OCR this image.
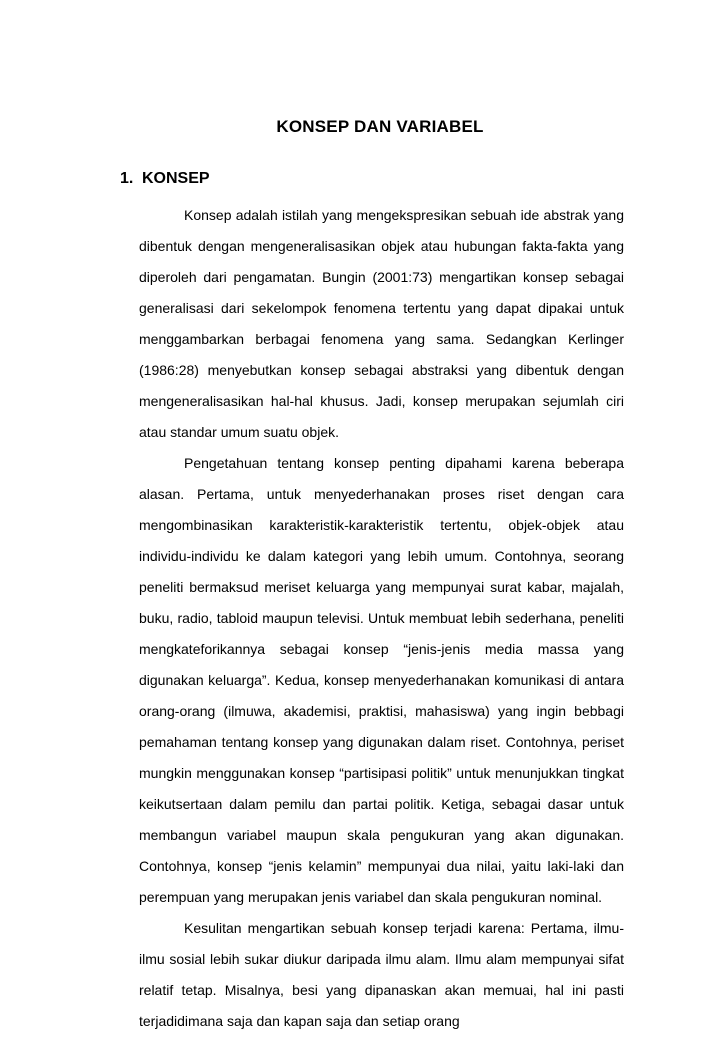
KONSEP DAN VARIABEL
1. KONSEP

Konsep adalah istilah yang mengekspresikan sebuah ide abstrak yang dibentuk dengan mengeneralisasikan objek atau hubungan fakta-fakta yang diperoleh dari pengamatan. Bungin (2001:73) mengartikan konsep sebagai generalisasi dari sekelompok fenomena tertentu yang dapat dipakai untuk menggambarkan berbagai fenomena yang sama. Sedangkan Kerlinger (1986:28) menyebutkan konsep sebagai abstraksi yang dibentuk dengan mengeneralisasikan hal-hal khusus. Jadi, konsep merupakan sejumlah ciri atau standar umum suatu objek.

Pengetahuan tentang konsep penting dipahami karena beberapa alasan. Pertama, untuk menyederhanakan proses riset dengan cara mengombinasikan karakteristik-karakteristik tertentu, objek-objek atau individu-individu ke dalam kategori yang lebih umum. Contohnya, seorang peneliti bermaksud meriset keluarga yang mempunyai surat kabar, majalah, buku, radio, tabloid maupun televisi. Untuk membuat lebih sederhana, peneliti mengkateforikannya sebagai konsep “jenis-jenis media massa yang digunakan keluarga”. Kedua, konsep menyederhanakan komunikasi di antara orang-orang (ilmuwa, akademisi, praktisi, mahasiswa) yang ingin bebbagi pemahaman tentang konsep yang digunakan dalam riset. Contohnya, periset mungkin menggunakan konsep “partisipasi politik” untuk menunjukkan tingkat keikutsertaan dalam pemilu dan partai politik. Ketiga, sebagai dasar untuk membangun variabel maupun skala pengukuran yang akan digunakan. Contohnya, konsep “jenis kelamin” mempunyai dua nilai, yaitu laki-laki dan perempuan yang merupakan jenis variabel dan skala pengukuran nominal.

Kesulitan mengartikan sebuah konsep terjadi karena: Pertama, ilmu-ilmu sosial lebih sukar diukur daripada ilmu alam. Ilmu alam mempunyai sifat relatif tetap. Misalnya, besi yang dipanaskan akan memuai, hal ini pasti terjadidimana saja dan kapan saja dan setiap orang
